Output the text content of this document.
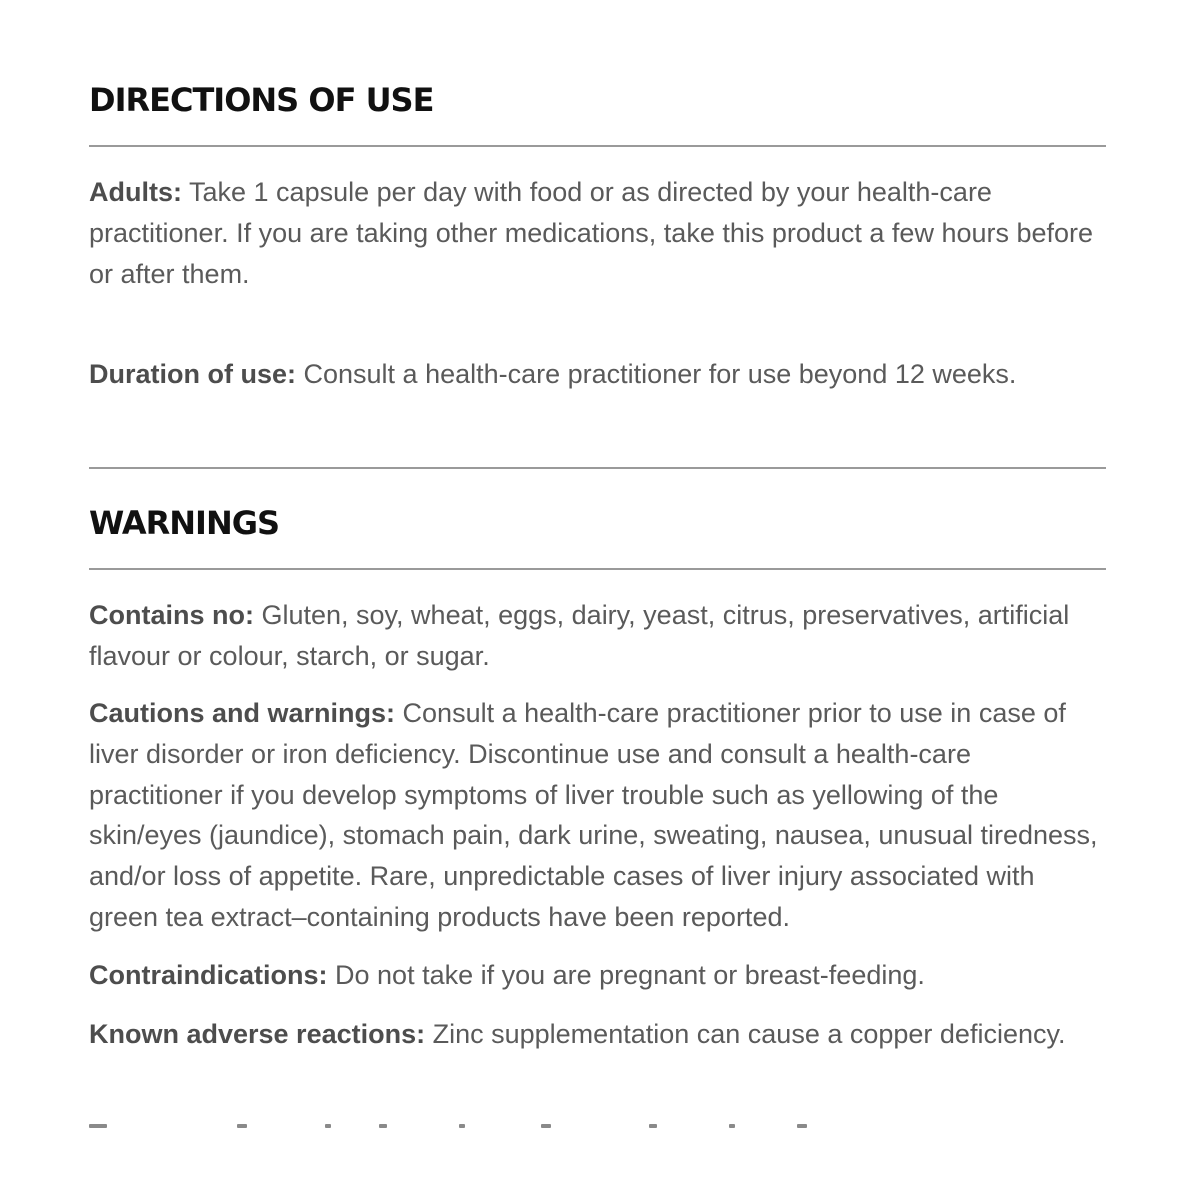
DIRECTIONS OF USE

Adults: Take 1 capsule per day with food or as directed by your health-care practitioner. If you are taking other medications, take this product a few hours before or after them.

Duration of use: Consult a health-care practitioner for use beyond 12 weeks.

WARNINGS

Contains no: Gluten, soy, wheat, eggs, dairy, yeast, citrus, preservatives, artificial flavour or colour, starch, or sugar.

Cautions and warnings: Consult a health-care practitioner prior to use in case of liver disorder or iron deficiency. Discontinue use and consult a health-care practitioner if you develop symptoms of liver trouble such as yellowing of the skin/eyes (jaundice), stomach pain, dark urine, sweating, nausea, unusual tiredness, and/or loss of appetite. Rare, unpredictable cases of liver injury associated with green tea extract–containing products have been reported.

Contraindications: Do not take if you are pregnant or breast-feeding.

Known adverse reactions: Zinc supplementation can cause a copper deficiency.
